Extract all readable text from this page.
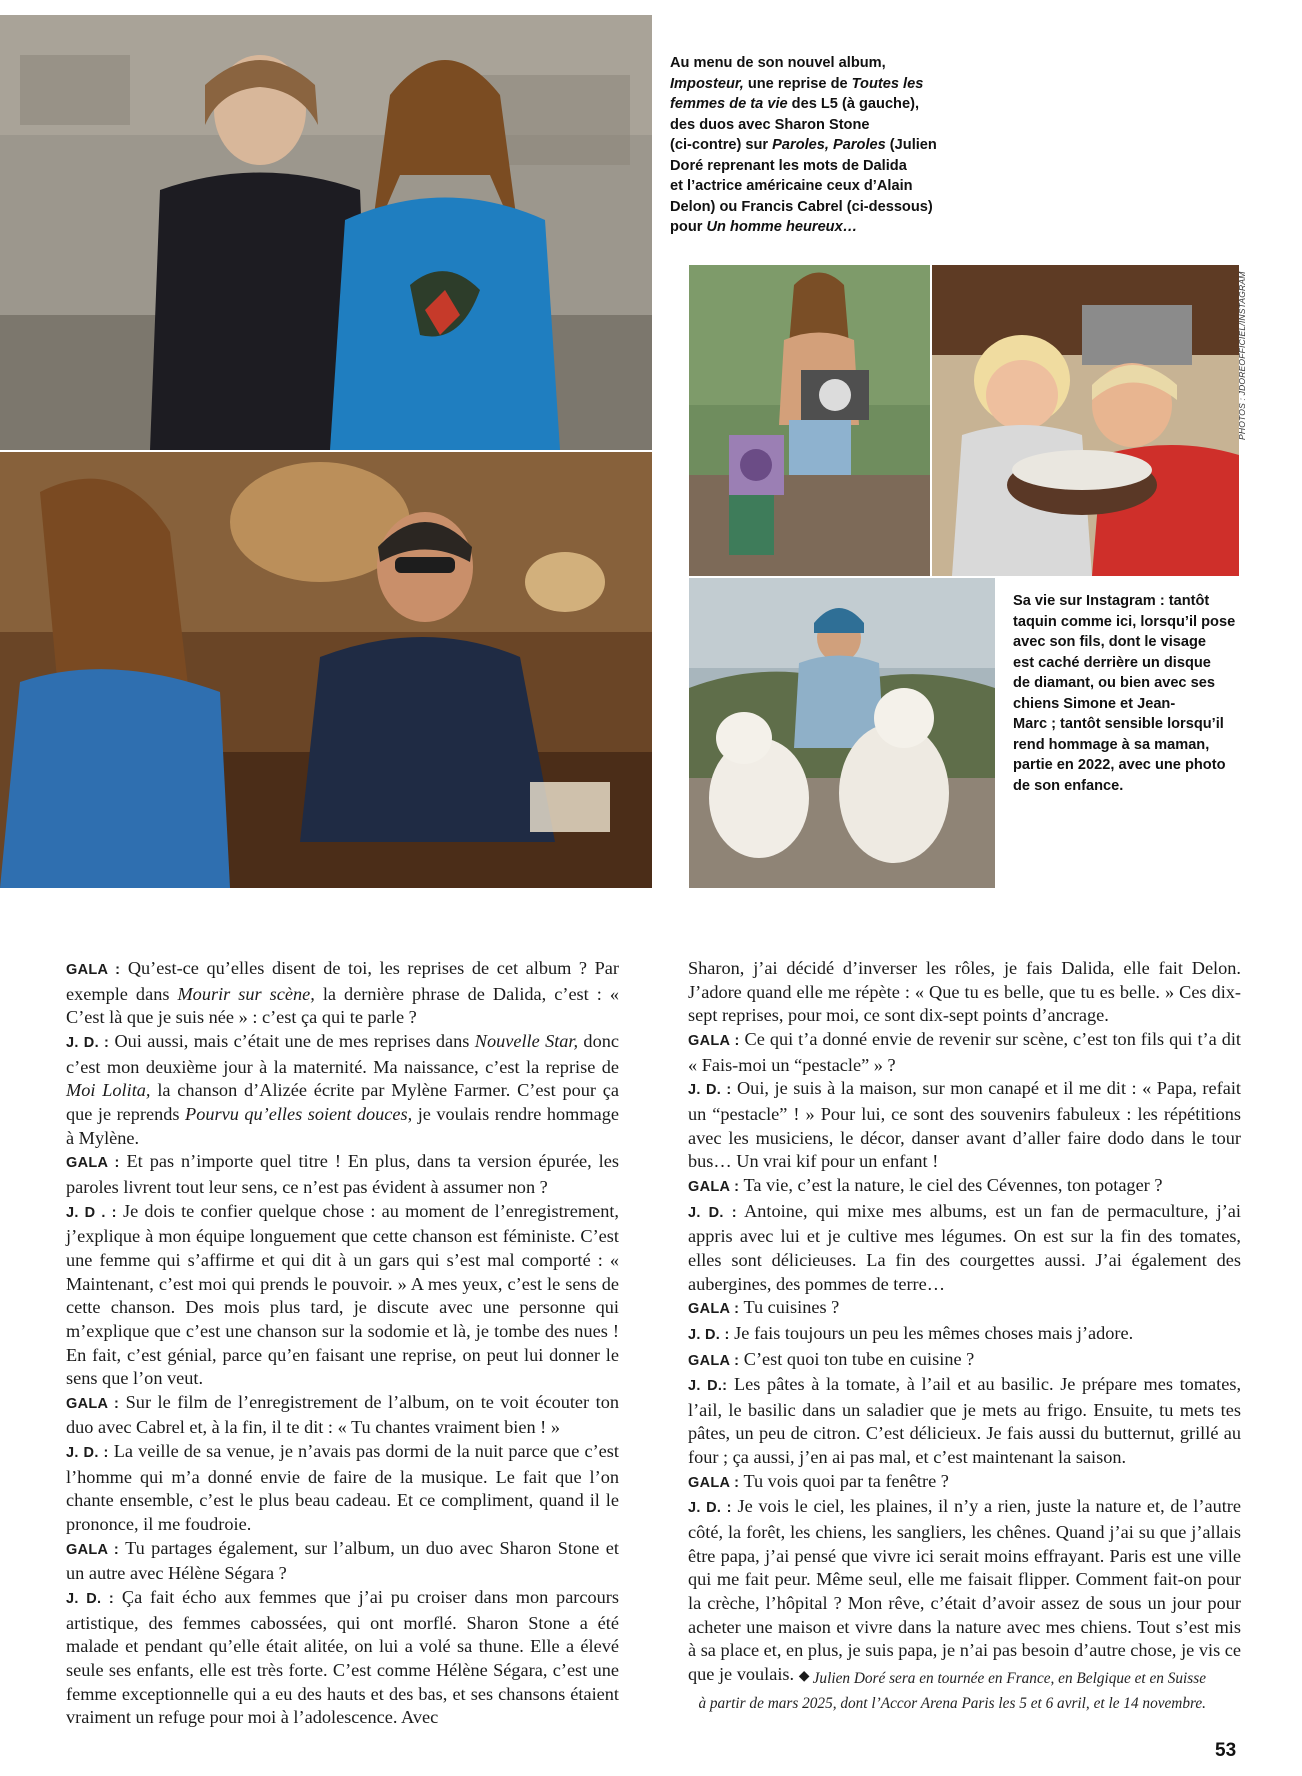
Au menu de son nouvel album,
Imposteur, une reprise de Toutes les
femmes de ta vie des L5 (à gauche),
des duos avec Sharon Stone
(ci-contre) sur Paroles, Paroles (Julien
Doré reprenant les mots de Dalida
et l’actrice américaine ceux d’Alain
Delon) ou Francis Cabrel (ci-dessous)
pour Un homme heureux…
Sa vie sur Instagram : tantôt
taquin comme ici, lorsqu’il pose
avec son fils, dont le visage
est caché derrière un disque
de diamant, ou bien avec ses
chiens Simone et Jean-
Marc ; tantôt sensible lorsqu’il
rend hommage à sa maman,
partie en 2022, avec une photo
de son enfance.
PHOTOS : JDOREOFFICIEL/INSTAGRAM

GALA : Qu’est-ce qu’elles disent de toi, les reprises de cet album ? Par exemple dans Mourir sur scène, la dernière phrase de Dalida, c’est : « C’est là que je suis née » : c’est ça qui te parle ?

J. D. : Oui aussi, mais c’était une de mes reprises dans Nouvelle Star, donc c’est mon deuxième jour à la maternité. Ma naissance, c’est la reprise de Moi Lolita, la chanson d’Alizée écrite par Mylène Farmer. C’est pour ça que je reprends Pourvu qu’elles soient douces, je voulais rendre hommage à Mylène.

GALA : Et pas n’importe quel titre ! En plus, dans ta version épurée, les paroles livrent tout leur sens, ce n’est pas évident à assumer non ?

J. D . : Je dois te confier quelque chose : au moment de l’enregistrement, j’explique à mon équipe longuement que cette chanson est féministe. C’est une femme qui s’affirme et qui dit à un gars qui s’est mal comporté : « Maintenant, c’est moi qui prends le pouvoir. » A mes yeux, c’est le sens de cette chanson. Des mois plus tard, je discute avec une personne qui m’explique que c’est une chanson sur la sodomie et là, je tombe des nues ! En fait, c’est génial, parce qu’en faisant une reprise, on peut lui donner le sens que l’on veut.

GALA : Sur le film de l’enregistrement de l’album, on te voit écouter ton duo avec Cabrel et, à la fin, il te dit : « Tu chantes vraiment bien ! »

J. D. : La veille de sa venue, je n’avais pas dormi de la nuit parce que c’est l’homme qui m’a donné envie de faire de la musique. Le fait que l’on chante ensemble, c’est le plus beau cadeau. Et ce compliment, quand il le prononce, il me foudroie.

GALA : Tu partages également, sur l’album, un duo avec Sharon Stone et un autre avec Hélène Ségara ?

J. D. : Ça fait écho aux femmes que j’ai pu croiser dans mon parcours artistique, des femmes cabossées, qui ont morflé. Sharon Stone a été malade et pendant qu’elle était alitée, on lui a volé sa thune. Elle a élevé seule ses enfants, elle est très forte. C’est comme Hélène Ségara, c’est une femme exceptionnelle qui a eu des hauts et des bas, et ses chansons étaient vraiment un refuge pour moi à l’adolescence. Avec

Sharon, j’ai décidé d’inverser les rôles, je fais Dalida, elle fait Delon. J’adore quand elle me répète : « Que tu es belle, que tu es belle. » Ces dix-sept reprises, pour moi, ce sont dix-sept points d’ancrage.

GALA : Ce qui t’a donné envie de revenir sur scène, c’est ton fils qui t’a dit « Fais-moi un “pestacle” » ?

J. D. : Oui, je suis à la maison, sur mon canapé et il me dit : « Papa, refait un “pestacle” ! » Pour lui, ce sont des souvenirs fabuleux : les répétitions avec les musiciens, le décor, danser avant d’aller faire dodo dans le tour bus… Un vrai kif pour un enfant !

GALA : Ta vie, c’est la nature, le ciel des Cévennes, ton potager ?

J. D. : Antoine, qui mixe mes albums, est un fan de permaculture, j’ai appris avec lui et je cultive mes légumes. On est sur la fin des tomates, elles sont délicieuses. La fin des courgettes aussi. J’ai également des aubergines, des pommes de terre…

GALA : Tu cuisines ?

J. D. : Je fais toujours un peu les mêmes choses mais j’adore.

GALA : C’est quoi ton tube en cuisine ?

J. D.: Les pâtes à la tomate, à l’ail et au basilic. Je prépare mes tomates, l’ail, le basilic dans un saladier que je mets au frigo. Ensuite, tu mets tes pâtes, un peu de citron. C’est délicieux. Je fais aussi du butternut, grillé au four ; ça aussi, j’en ai pas mal, et c’est maintenant la saison.

GALA : Tu vois quoi par ta fenêtre ?

J. D. : Je vois le ciel, les plaines, il n’y a rien, juste la nature et, de l’autre côté, la forêt, les chiens, les sangliers, les chênes. Quand j’ai su que j’allais être papa, j’ai pensé que vivre ici serait moins effrayant. Paris est une ville qui me fait peur. Même seul, elle me faisait flipper. Comment fait-on pour la crèche, l’hôpital ? Mon rêve, c’était d’avoir assez de sous un jour pour acheter une maison et vivre dans la nature avec mes chiens. Tout s’est mis à sa place et, en plus, je suis papa, je n’ai pas besoin d’autre chose, je vis ce que je voulais. ◆ Julien Doré sera en tournée en France, en Belgique et en Suisse
à partir de mars 2025, dont l’Accor Arena Paris les 5 et 6 avril, et le 14 novembre.
53
